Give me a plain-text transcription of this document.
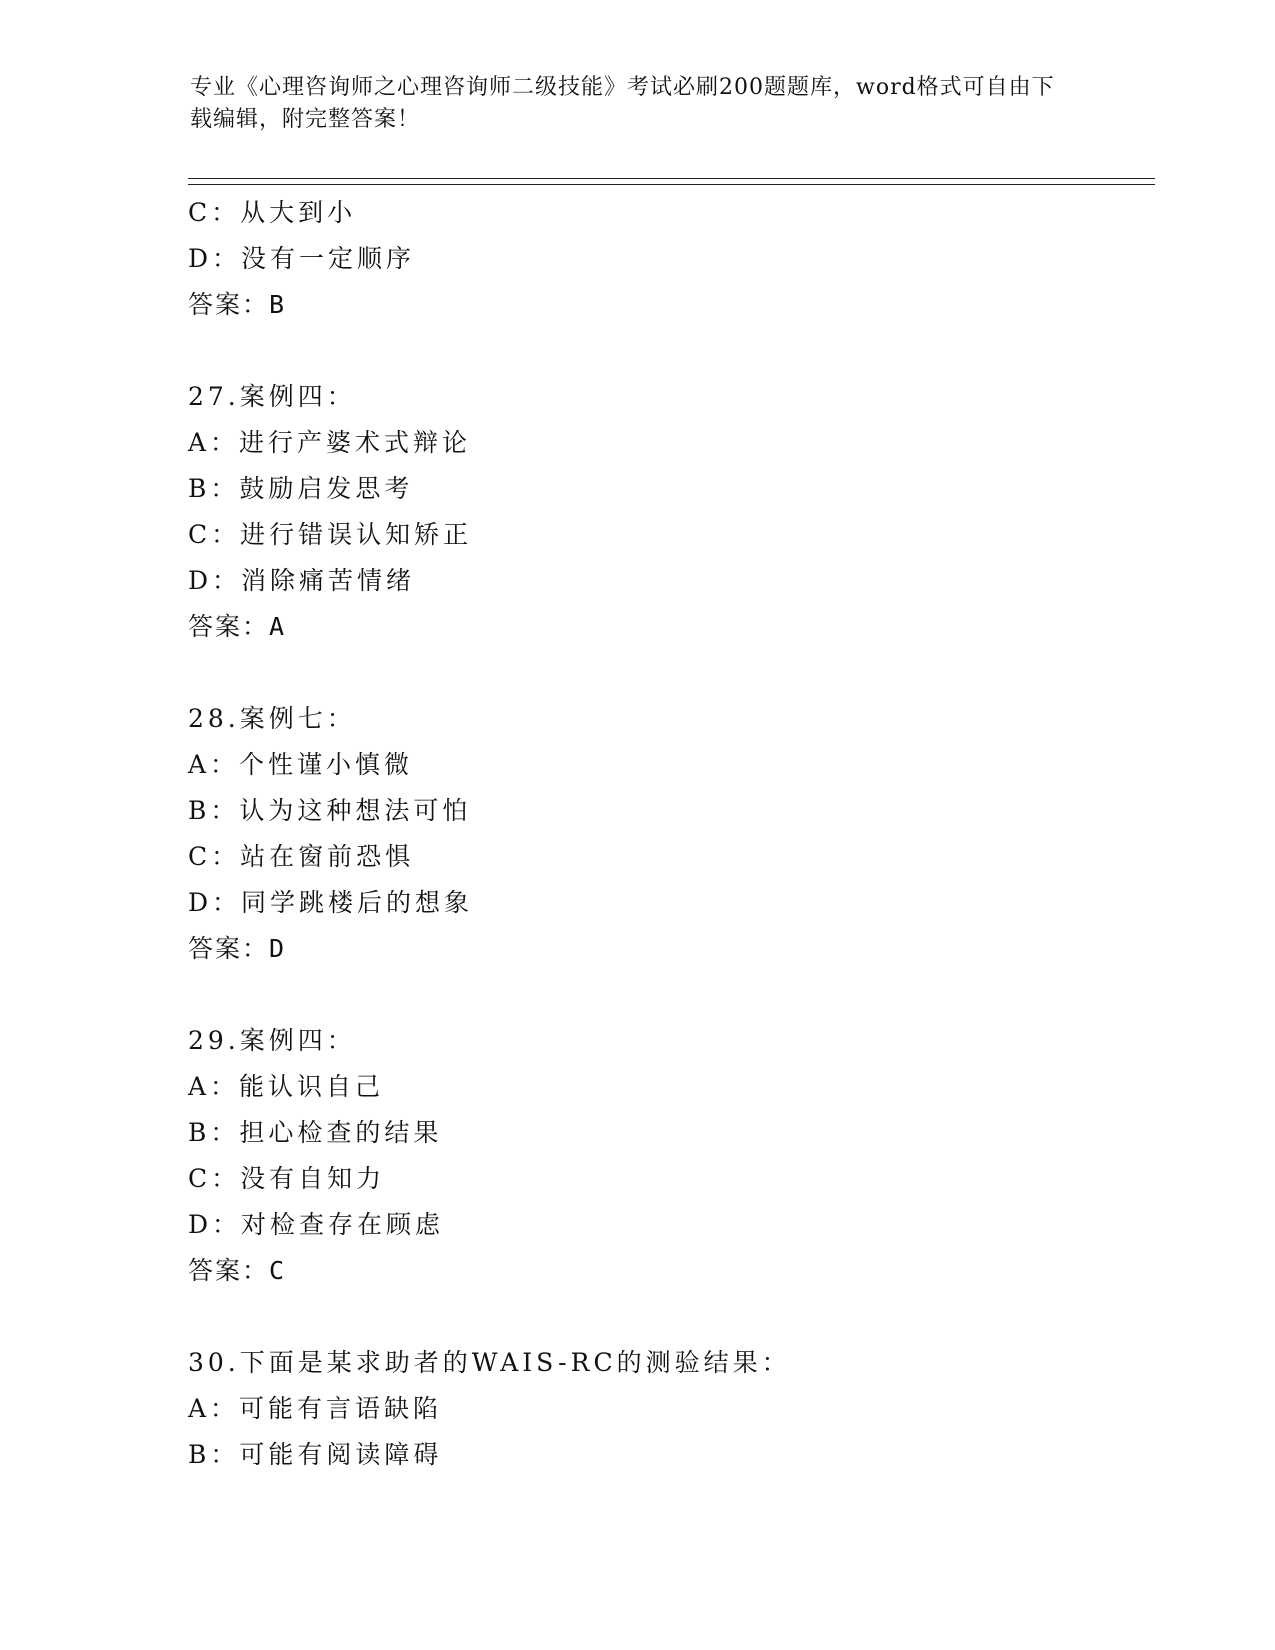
专业《心理咨询师之心理咨询师二级技能》考试必刷200题题库，word格式可自由下载编辑，附完整答案！
C：从大到小
D：没有一定顺序
答案：B
27.案例四：
A：进行产婆术式辩论
B：鼓励启发思考
C：进行错误认知矫正
D：消除痛苦情绪
答案：A
28.案例七：
A：个性谨小慎微
B：认为这种想法可怕
C：站在窗前恐惧
D：同学跳楼后的想象
答案：D
29.案例四：
A：能认识自己
B：担心检查的结果
C：没有自知力
D：对检查存在顾虑
答案：C
30.下面是某求助者的WAIS-RC的测验结果：
A：可能有言语缺陷
B：可能有阅读障碍
